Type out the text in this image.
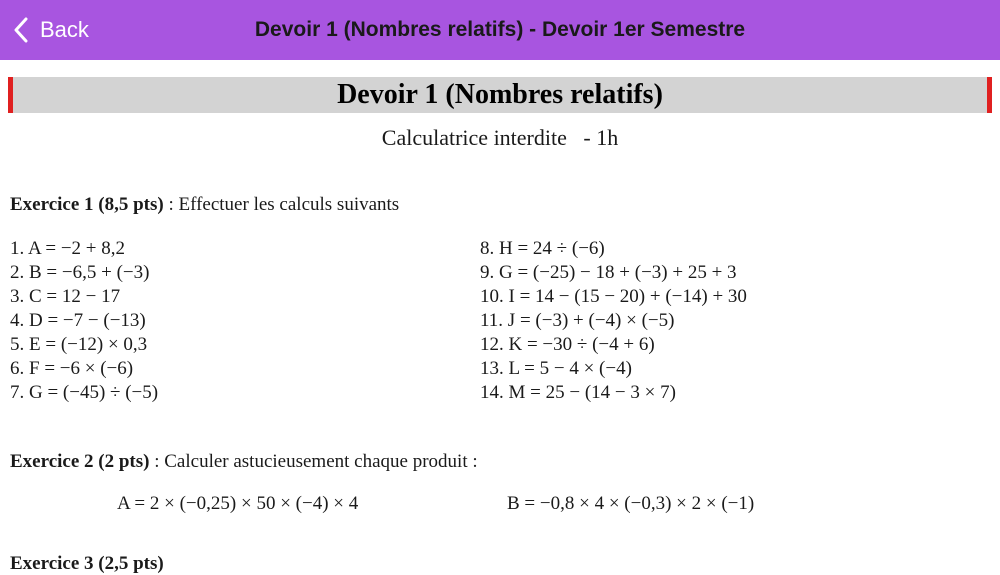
Back	Devoir 1 (Nombres relatifs) - Devoir 1er Semestre
Devoir 1 (Nombres relatifs)
Calculatrice interdite   - 1h
Exercice 1 (8,5 pts) : Effectuer les calculs suivants
1. A = −2 + 8,2
2. B = −6,5 + (−3)
3. C = 12 − 17
4. D = −7 − (−13)
5. E = (−12) × 0,3
6. F = −6 × (−6)
7. G = (−45) ÷ (−5)
8. H = 24 ÷ (−6)
9. G = (−25) − 18 + (−3) + 25 + 3
10. I = 14 − (15 − 20) + (−14) + 30
11. J = (−3) + (−4) × (−5)
12. K = −30 ÷ (−4 + 6)
13. L = 5 − 4 × (−4)
14. M = 25 − (14 − 3 × 7)
Exercice 2 (2 pts) : Calculer astucieusement chaque produit :
A = 2 × (−0,25) × 50 × (−4) × 4	B = −0,8 × 4 × (−0,3) × 2 × (−1)
Exercice 3 (2,5 pts)
